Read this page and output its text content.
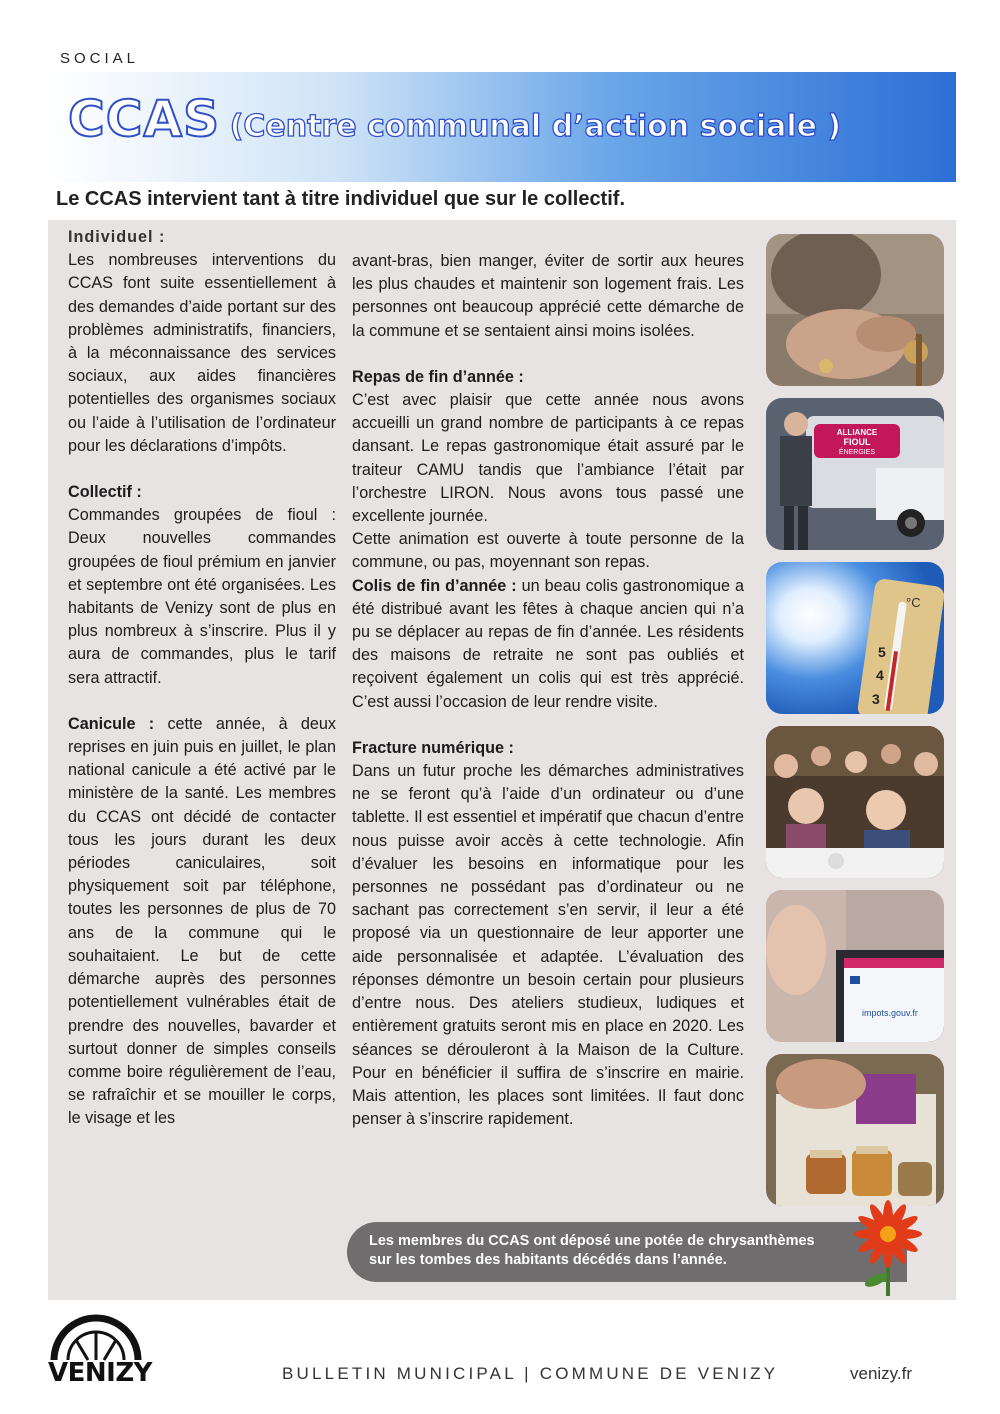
SOCIAL
CCAS (Centre communal d’action sociale )
Le CCAS intervient tant à titre individuel que sur le collectif.
Individuel :

Les nombreuses interventions du CCAS font suite essentiellement à des demandes d’aide portant sur des problèmes administratifs, financiers, à la méconnaissance des services sociaux, aux aides financières potentielles des organismes sociaux ou l’aide à l’utilisation de l’ordinateur pour les déclarations d’impôts.

Collectif :

Commandes groupées de fioul : Deux nouvelles commandes groupées de fioul prémium en janvier et septembre ont été organisées. Les habitants de Venizy sont de plus en plus nombreux à s’inscrire. Plus il y aura de commandes, plus le tarif sera attractif.

Canicule : cette année, à deux reprises en juin puis en juillet, le plan national canicule a été activé par le ministère de la santé. Les membres du CCAS ont décidé de contacter tous les jours durant les deux périodes caniculaires, soit physiquement soit par téléphone, toutes les personnes de plus de 70 ans de la commune qui le souhaitaient. Le but de cette démarche auprès des personnes potentiellement vulnérables était de prendre des nouvelles, bavarder et surtout donner de simples conseils comme boire régulièrement de l’eau, se rafraîchir et se mouiller le corps, le visage et les

avant-bras, bien manger, éviter de sortir aux heures les plus chaudes et maintenir son logement frais. Les personnes ont beaucoup apprécié cette démarche de la commune et se sentaient ainsi moins isolées.

Repas de fin d’année :

C’est avec plaisir que cette année nous avons accueilli un grand nombre de participants à ce repas dansant. Le repas gastronomique était assuré par le traiteur CAMU tandis que l’ambiance l’était par l’orchestre LIRON. Nous avons tous passé une excellente journée.

Cette animation est ouverte à toute personne de la commune, ou pas, moyennant son repas.

Colis de fin d’année : un beau colis gastronomique a été distribué avant les fêtes à chaque ancien qui n’a pu se déplacer au repas de fin d’année. Les résidents des maisons de retraite ne sont pas oubliés et reçoivent également un colis qui est très apprécié. C’est aussi l’occasion de leur rendre visite.

Fracture numérique :

Dans un futur proche les démarches administratives ne se feront qu’à l’aide d’un ordinateur ou d’une tablette. Il est essentiel et impératif que chacun d’entre nous puisse avoir accès à cette technologie. Afin d’évaluer les besoins en informatique pour les personnes ne possédant pas d’ordinateur ou ne sachant pas correctement s’en servir, il leur a été proposé via un questionnaire de leur apporter une aide personnalisée et adaptée. L’évaluation des réponses démontre un besoin certain pour plusieurs d’entre nous. Des ateliers studieux, ludiques et entièrement gratuits seront mis en place en 2020. Les séances se dérouleront à la Maison de la Culture. Pour en bénéficier il suffira de s’inscrire en mairie. Mais attention, les places sont limitées. Il faut donc penser à s’inscrire rapidement.

ALLIANCE
FIOUL
ÉNERGIES
°C
5
4
3
impots.gouv.fr
Les membres du CCAS ont déposé une potée de chrysanthèmes
sur les tombes des habitants décédés dans l’année.
VENIZY	BULLETIN MUNICIPAL | COMMUNE DE VENIZY	venizy.fr
